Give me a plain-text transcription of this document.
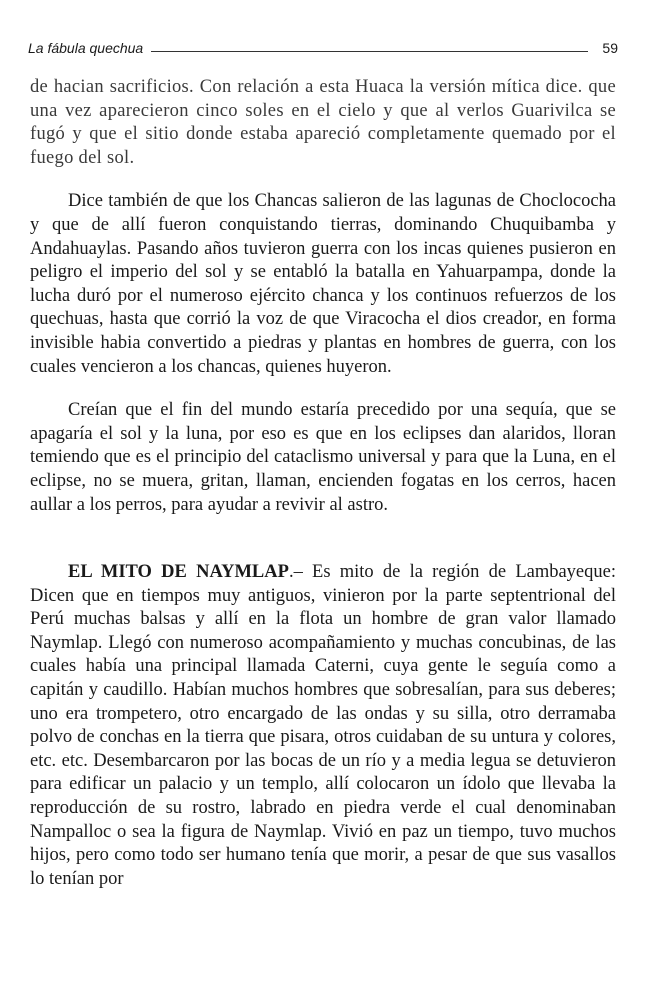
La fábula quechua	59

de hacian sacrificios. Con relación a esta Huaca la versión mítica dice. que una vez aparecieron cinco soles en el cielo y que al verlos Guarivilca se fugó y que el sitio donde estaba apareció completamente quemado por el fuego del sol.

Dice también de que los Chancas salieron de las lagunas de Choclococha y que de allí fueron conquistando tierras, dominando Chuquibamba y Andahuaylas. Pasando años tuvieron guerra con los incas quienes pusieron en peligro el imperio del sol y se entabló la batalla en Yahuarpampa, donde la lucha duró por el numeroso ejército chanca y los continuos refuerzos de los quechuas, hasta que corrió la voz de que Viracocha el dios creador, en forma invisible habia convertido a piedras y plantas en hombres de guerra, con los cuales vencieron a los chancas, quienes huyeron.

Creían que el fin del mundo estaría precedido por una sequía, que se apagaría el sol y la luna, por eso es que en los eclipses dan alaridos, lloran temiendo que es el principio del cataclismo universal y para que la Luna, en el eclipse, no se muera, gritan, llaman, encienden fogatas en los cerros, hacen aullar a los perros, para ayudar a revivir al astro.

EL MITO DE NAYMLAP.– Es mito de la región de Lambayeque: Dicen que en tiempos muy antiguos, vinieron por la parte septentrional del Perú muchas balsas y allí en la flota un hombre de gran valor llamado Naymlap. Llegó con numeroso acompañamiento y muchas concubinas, de las cuales había una principal llamada Caterni, cuya gente le seguía como a capitán y caudillo. Habían muchos hombres que sobresalían, para sus deberes; uno era trompetero, otro encargado de las ondas y su silla, otro derramaba polvo de conchas en la tierra que pisara, otros cuidaban de su untura y colores, etc. etc. Desembarcaron por las bocas de un río y a media legua se detuvieron para edificar un palacio y un templo, allí colocaron un ídolo que llevaba la reproducción de su rostro, labrado en piedra verde el cual denominaban Nampalloc o sea la figura de Naymlap. Vivió en paz un tiempo, tuvo muchos hijos, pero como todo ser humano tenía que morir, a pesar de que sus vasallos lo tenían por
